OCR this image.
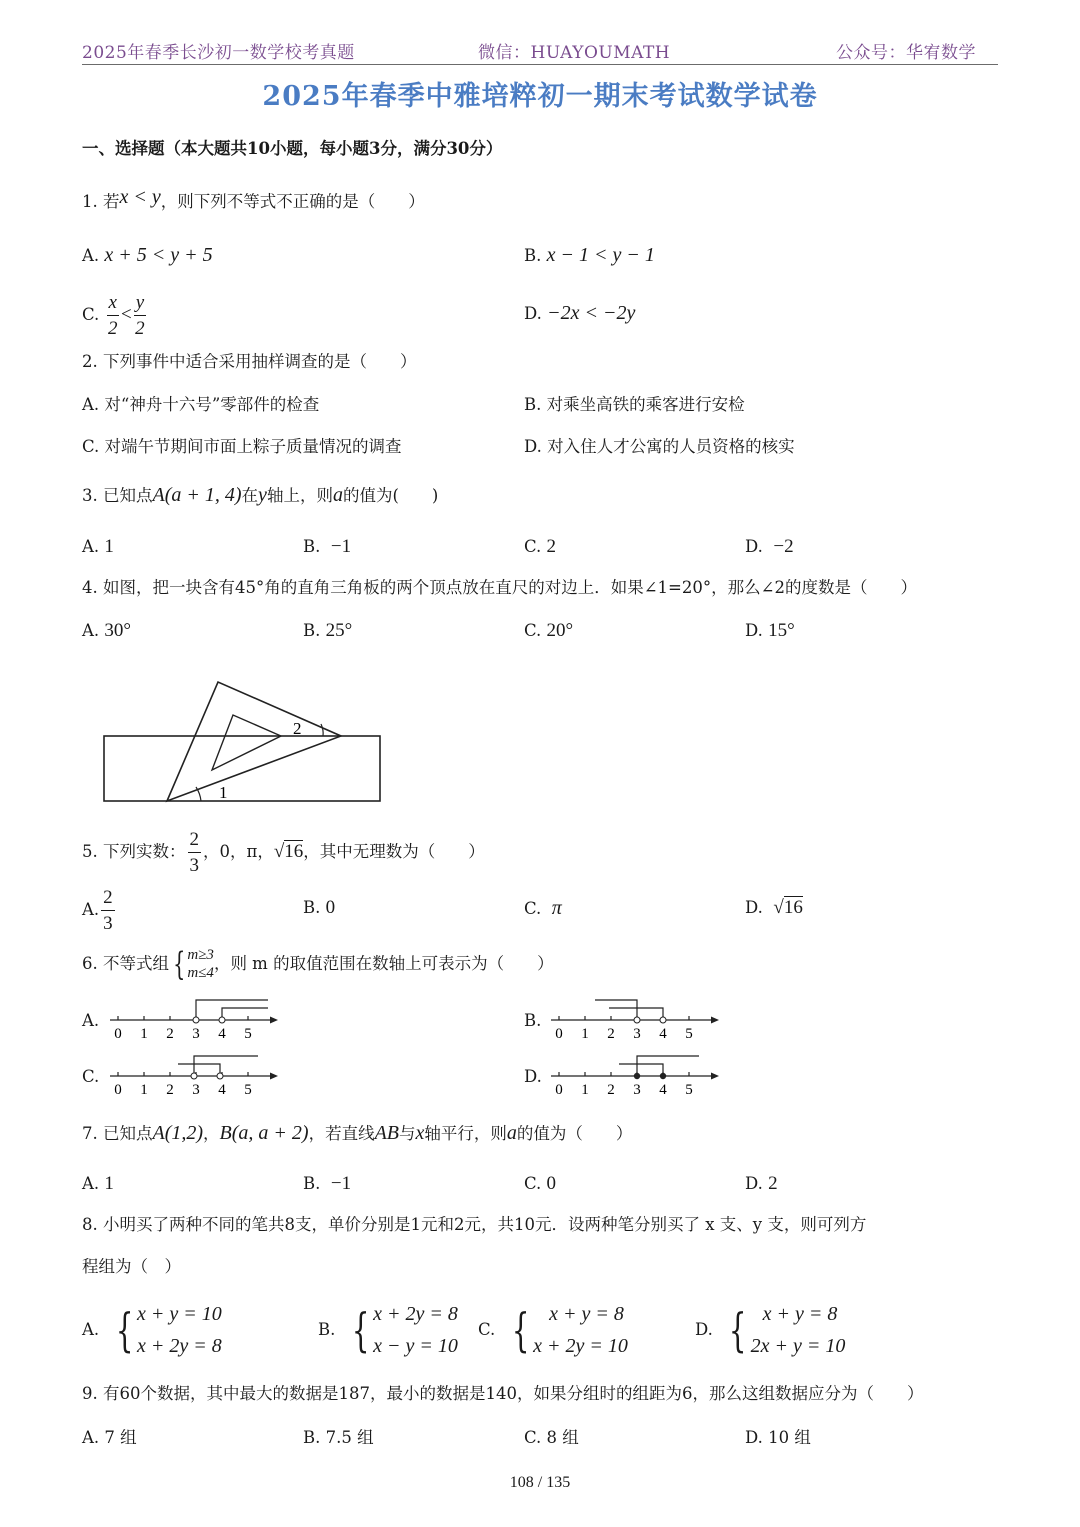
2025年春季长沙初一数学校考真题	微信：HUAYOUMATH	公众号：华宥数学
2025年春季中雅培粹初一期末考试数学试卷
一、选择题（本大题共10小题，每小题3分，满分30分）
1. 若x < y，则下列不等式不正确的是（　　）
A. x + 5 < y + 5	B. x − 1 < y − 1
C.
$\frac{x}{2} < \frac{y}{2}$	D. −2x < −2y
2. 下列事件中适合采用抽样调查的是（　　）
A. 对“神舟十六号”零部件的检查	B. 对乘坐高铁的乘客进行安检
C. 对端午节期间市面上粽子质量情况的调查	D. 对入住人才公寓的人员资格的核实
3. 已知点A(a + 1, 4)在y轴上，则a的值为(　　)
A. 1	B. −1	C. 2	D. −2
4. 如图，把一块含有45°角的直角三角板的两个顶点放在直尺的对边上．如果∠1=20°，那么∠2的度数是（　　）
A. 30°	B. 25°	C. 20°	D. 15°
1
2
5. 下列实数： $\frac{2}{3}$ ，0，π， √16 ，其中无理数为（　　）
A. $\frac{2}{3}$	B. 0	C. π	D. √16
6. 不等式组 { m≥3
m≤4 ，则 m 的取值范围在数轴上可表示为（　　）
A.	B.
C.	D.
0 1 2 3 4 5	0 1 2 3 4 5
0 1 2 3 4 5	0 1 2 3 4 5
7. 已知点A(1,2)，B(a, a + 2)，若直线AB与x轴平行，则a的值为（　　）
A. 1	B. −1	C. 0	D. 2
8. 小明买了两种不同的笔共8支，单价分别是1元和2元，共10元．设两种笔分别买了 x 支、y 支，则可列方
程组为（　）
A.
{ x + y = 10
x + 2y = 8
B.
{ x + 2y = 8
x − y = 10
C.
{ x + y = 8
x + 2y = 10
D.
{ x + y = 8
2x + y = 10
9. 有60个数据，其中最大的数据是187，最小的数据是140，如果分组时的组距为6，那么这组数据应分为（　　）
A. 7 组	B. 7.5 组	C. 8 组	D. 10 组
108 / 135
